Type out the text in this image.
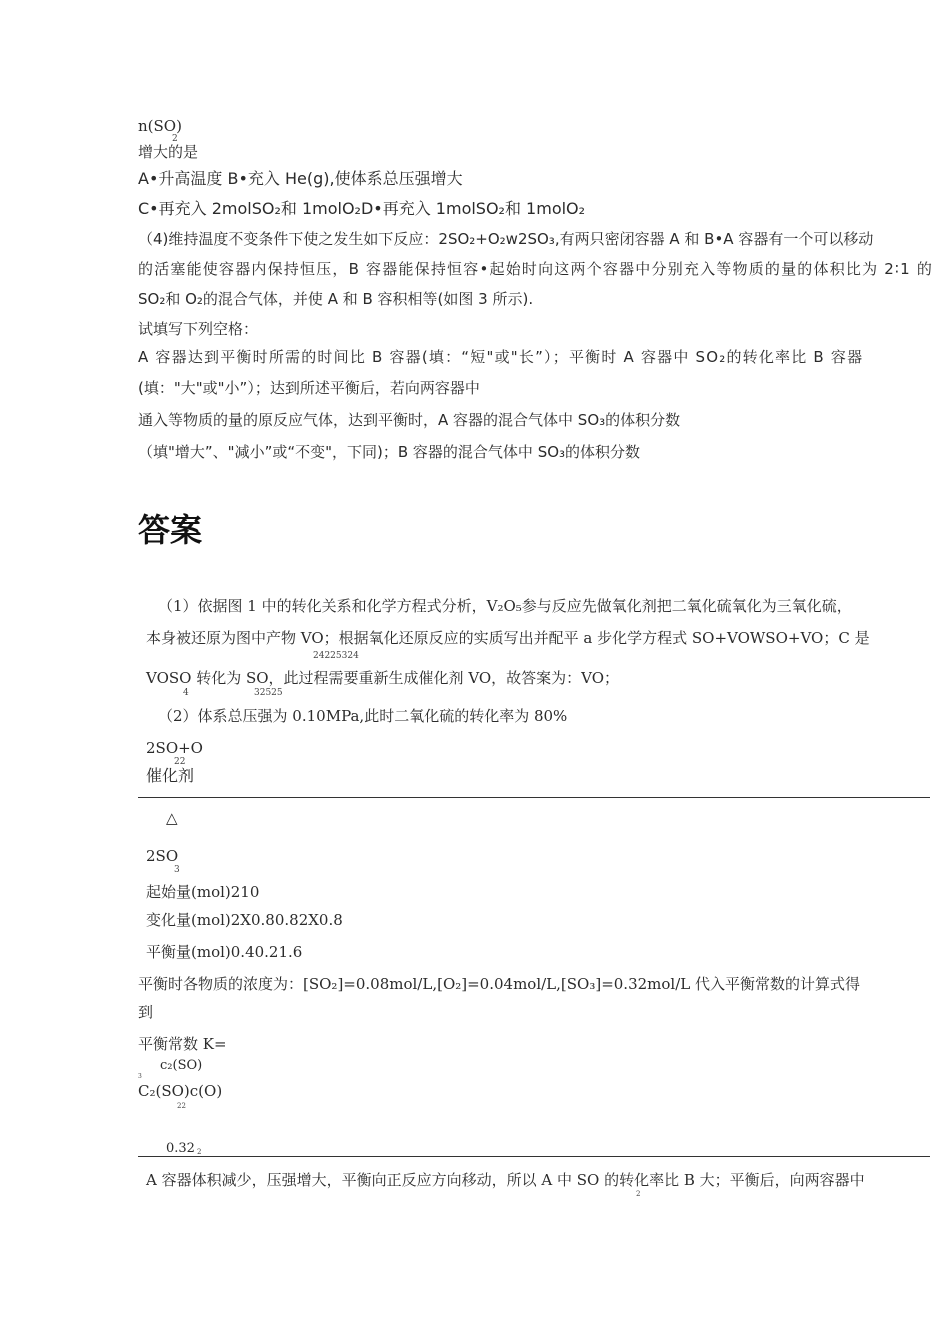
n(SO)
2
增大的是
A•升高温度 B•充入 He(g),使体系总压强增大
C•再充入 2molSO₂和 1molO₂D•再充入 1molSO₂和 1molO₂
（4)维持温度不变条件下使之发生如下反应：2SO₂+O₂w2SO₃,有两只密闭容器 A 和 B•A 容器有一个可以移动
的活塞能使容器内保持恒压，B 容器能保持恒容•起始时向这两个容器中分别充入等物质的量的体积比为 2∶1 的
SO₂和 O₂的混合气体，并使 A 和 B 容积相等(如图 3 所示).
试填写下列空格：
A 容器达到平衡时所需的时间比 B 容器(填：“短"或"长”）；平衡时 A 容器中 SO₂的转化率比 B 容器
(填："大"或"小”）；达到所述平衡后，若向两容器中
通入等物质的量的原反应气体，达到平衡时，A 容器的混合气体中 SO₃的体积分数
（填"增大”、"减小”或“不变"，下同)；B 容器的混合气体中 SO₃的体积分数
答案
（1）依据图 1 中的转化关系和化学方程式分析，V₂O₅参与反应先做氧化剂把二氧化硫氧化为三氧化硫，
本身被还原为图中产物 VO；根据氧化还原反应的实质写出并配平 a 步化学方程式 SO+VOWSO+VO；C 是
24225324
VOSO 转化为 SO，此过程需要重新生成催化剂 VO，故答案为：VO；
4	32525
（2）体系总压强为 0.10MPa,此时二氧化硫的转化率为 80%
2SO+O
22
催化剂
△
2SO
3
起始量(mol)210
变化量(mol)2X0.80.82X0.8
平衡量(mol)0.40.21.6
平衡时各物质的浓度为：[SO₂]=0.08mol/L,[O₂]=0.04mol/L,[SO₃]=0.32mol/L 代入平衡常数的计算式得
到
平衡常数 K=
c₂(SO)
3
C₂(SO)c(O)
22
0.32 2
A 容器体积减少，压强增大，平衡向正反应方向移动，所以 A 中 SO 的转化率比 B 大；平衡后，向两容器中
2
